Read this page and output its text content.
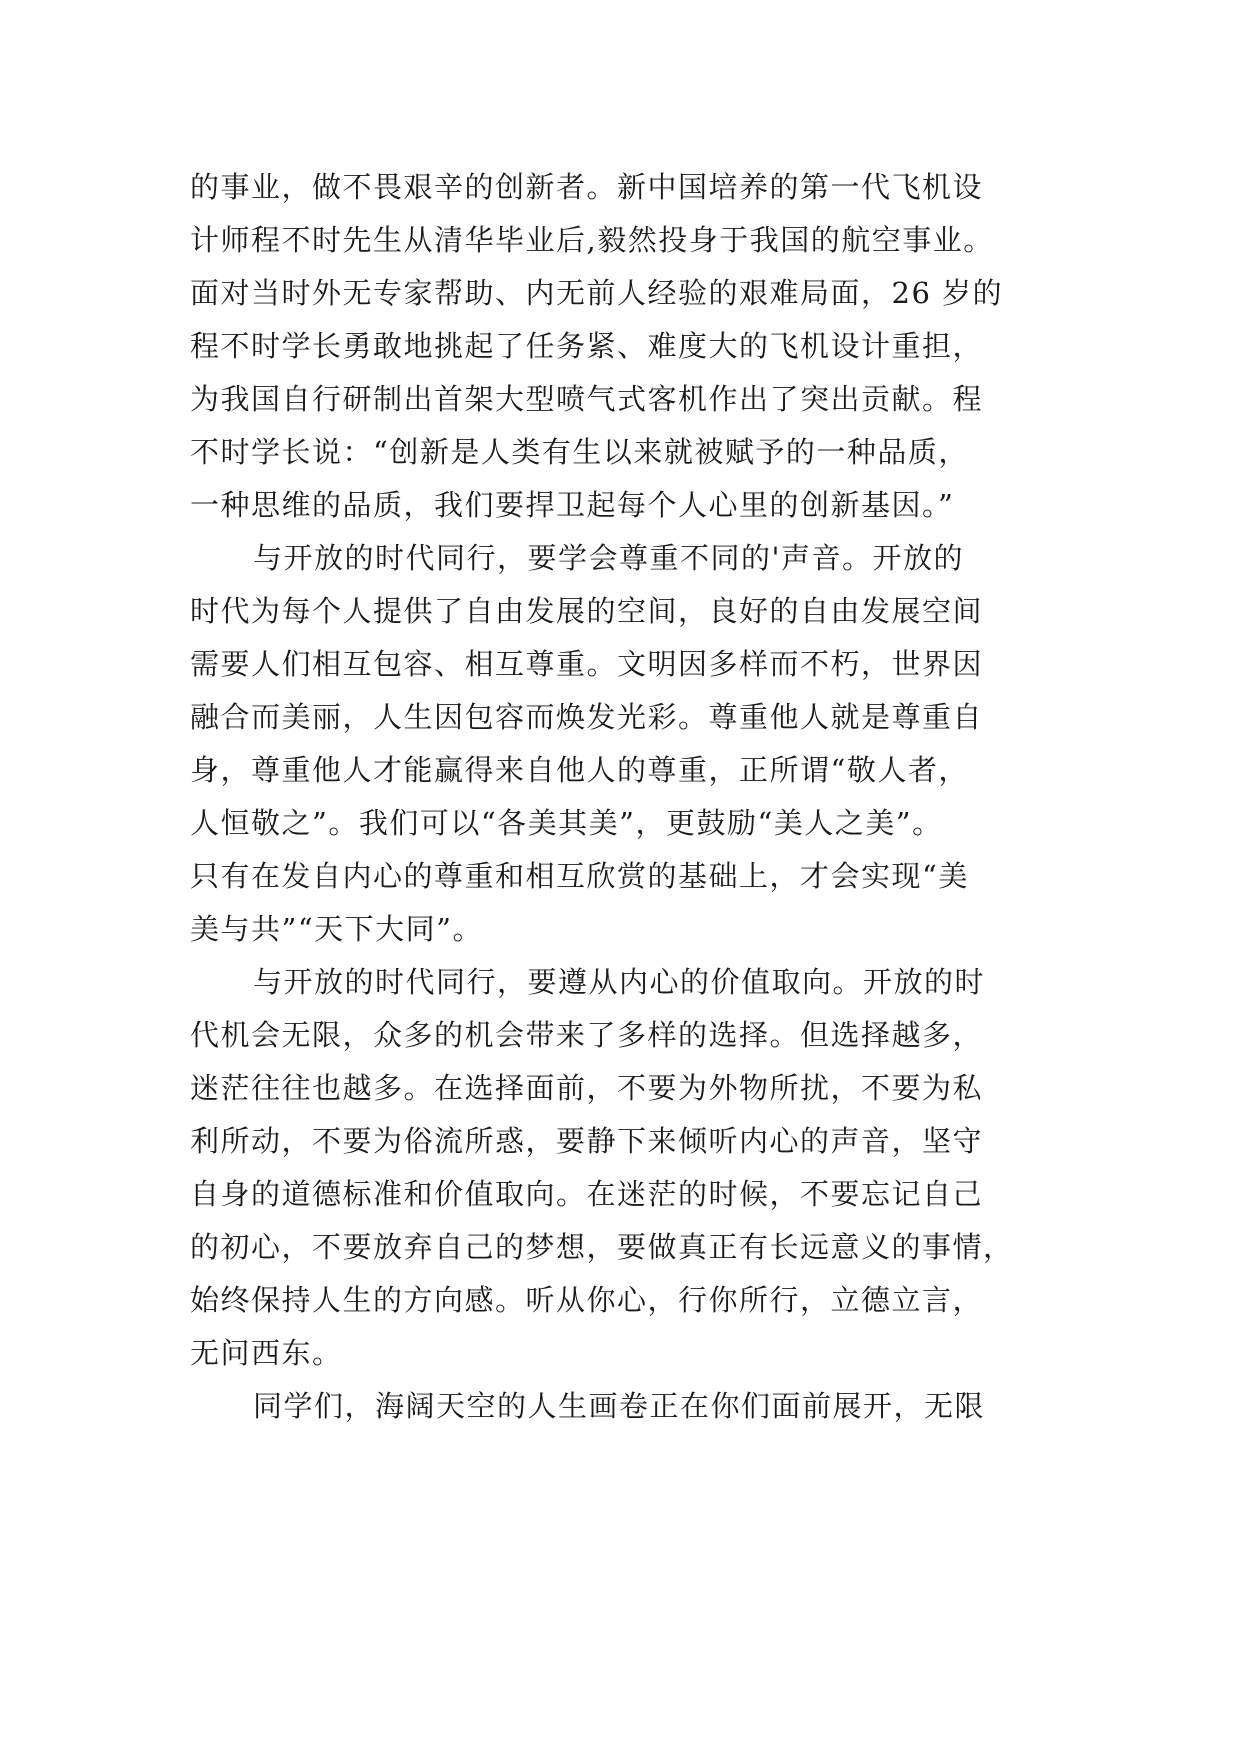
的事业，做不畏艰辛的创新者。新中国培养的第一代飞机设
计师程不时先生从清华毕业后,毅然投身于我国的航空事业。
面对当时外无专家帮助、内无前人经验的艰难局面，26 岁的
程不时学长勇敢地挑起了任务紧、难度大的飞机设计重担，
为我国自行研制出首架大型喷气式客机作出了突出贡献。程
不时学长说：“创新是人类有生以来就被赋予的一种品质，
一种思维的品质，我们要捍卫起每个人心里的创新基因。”
与开放的时代同行，要学会尊重不同的'声音。开放的
时代为每个人提供了自由发展的空间，良好的自由发展空间
需要人们相互包容、相互尊重。文明因多样而不朽，世界因
融合而美丽，人生因包容而焕发光彩。尊重他人就是尊重自
身，尊重他人才能赢得来自他人的尊重，正所谓“敬人者，
人恒敬之”。我们可以“各美其美”，更鼓励“美人之美”。
只有在发自内心的尊重和相互欣赏的基础上，才会实现“美
美与共”“天下大同”。
与开放的时代同行，要遵从内心的价值取向。开放的时
代机会无限，众多的机会带来了多样的选择。但选择越多，
迷茫往往也越多。在选择面前，不要为外物所扰，不要为私
利所动，不要为俗流所惑，要静下来倾听内心的声音，坚守
自身的道德标准和价值取向。在迷茫的时候，不要忘记自己
的初心，不要放弃自己的梦想，要做真正有长远意义的事情，
始终保持人生的方向感。听从你心，行你所行，立德立言，
无问西东。
同学们，海阔天空的人生画卷正在你们面前展开，无限
